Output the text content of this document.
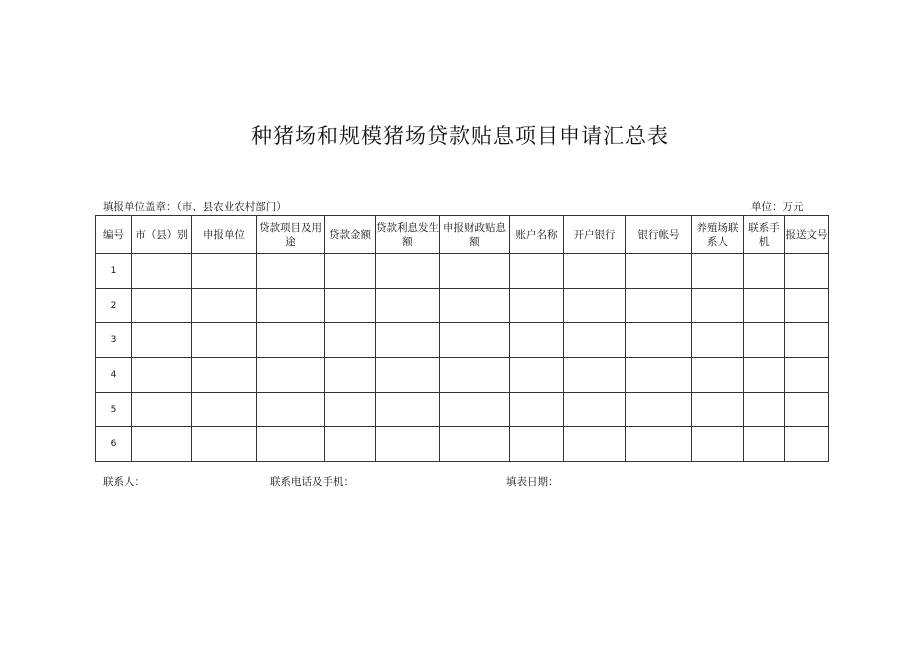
种猪场和规模猪场贷款贴息项目申请汇总表
填报单位盖章：（市、县农业农村部门）	单位：万元
编号	市（县）别	申报单位	贷款项目及用途	贷款金额	贷款利息发生额	申报财政贴息额	账户名称	开户银行	银行帐号	养殖场联系人	联系手机	报送文号
1												
2												
3												
4												
5												
6												
联系人：	联系电话及手机：	填表日期：
